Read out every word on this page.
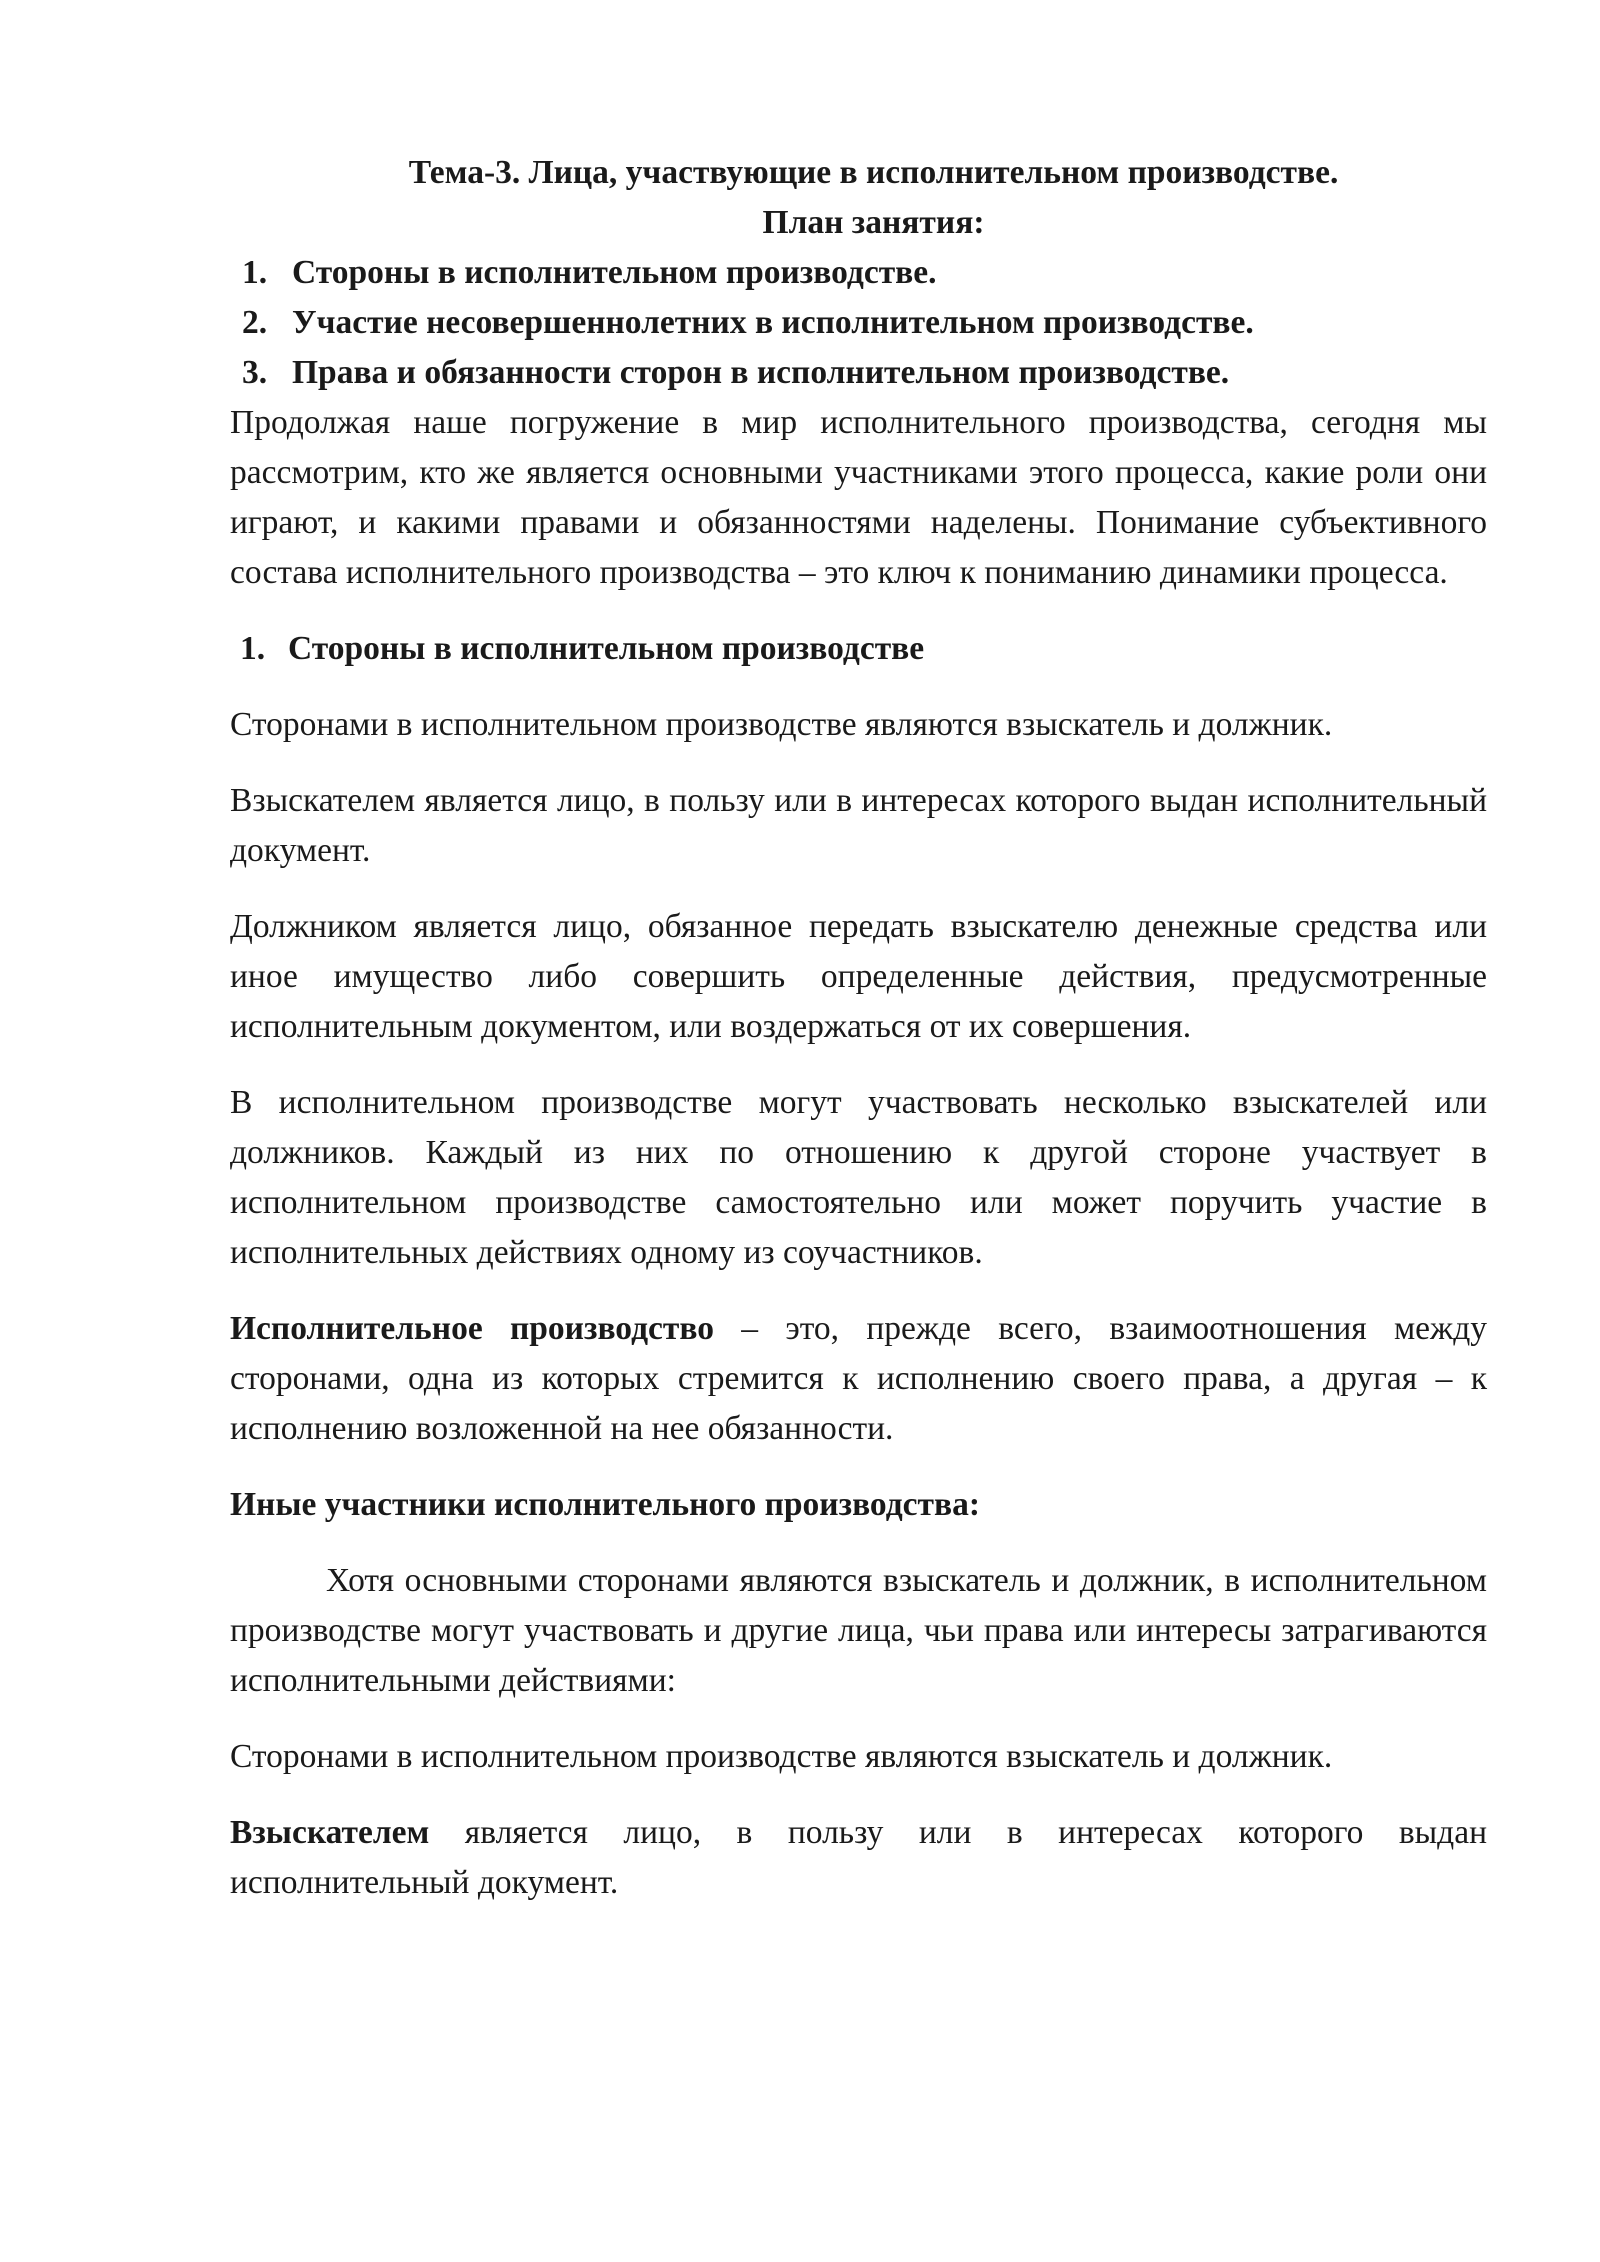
Тема-3. Лица, участвующие в исполнительном производстве.

План занятия:

1. Стороны в исполнительном производстве.
2. Участие несовершеннолетних в исполнительном производстве.
3. Права и обязанности сторон в исполнительном производстве.

Продолжая наше погружение в мир исполнительного производства, сегодня мы рассмотрим, кто же является основными участниками этого процесса, какие роли они играют, и какими правами и обязанностями наделены. Понимание субъективного состава исполнительного производства – это ключ к пониманию динамики процесса.

1. Стороны в исполнительном производстве

Сторонами в исполнительном производстве являются взыскатель и должник.

Взыскателем является лицо, в пользу или в интересах которого выдан исполнительный документ.

Должником является лицо, обязанное передать взыскателю денежные средства или иное имущество либо совершить определенные действия, предусмотренные исполнительным документом, или воздержаться от их совершения.

В исполнительном производстве могут участвовать несколько взыскателей или должников. Каждый из них по отношению к другой стороне участвует в исполнительном производстве самостоятельно или может поручить участие в исполнительных действиях одному из соучастников.

Исполнительное производство – это, прежде всего, взаимоотношения между сторонами, одна из которых стремится к исполнению своего права, а другая – к исполнению возложенной на нее обязанности.

Иные участники исполнительного производства:

Хотя основными сторонами являются взыскатель и должник, в исполнительном производстве могут участвовать и другие лица, чьи права или интересы затрагиваются исполнительными действиями:

Сторонами в исполнительном производстве являются взыскатель и должник.

Взыскателем является лицо, в пользу или в интересах которого выдан исполнительный документ.
